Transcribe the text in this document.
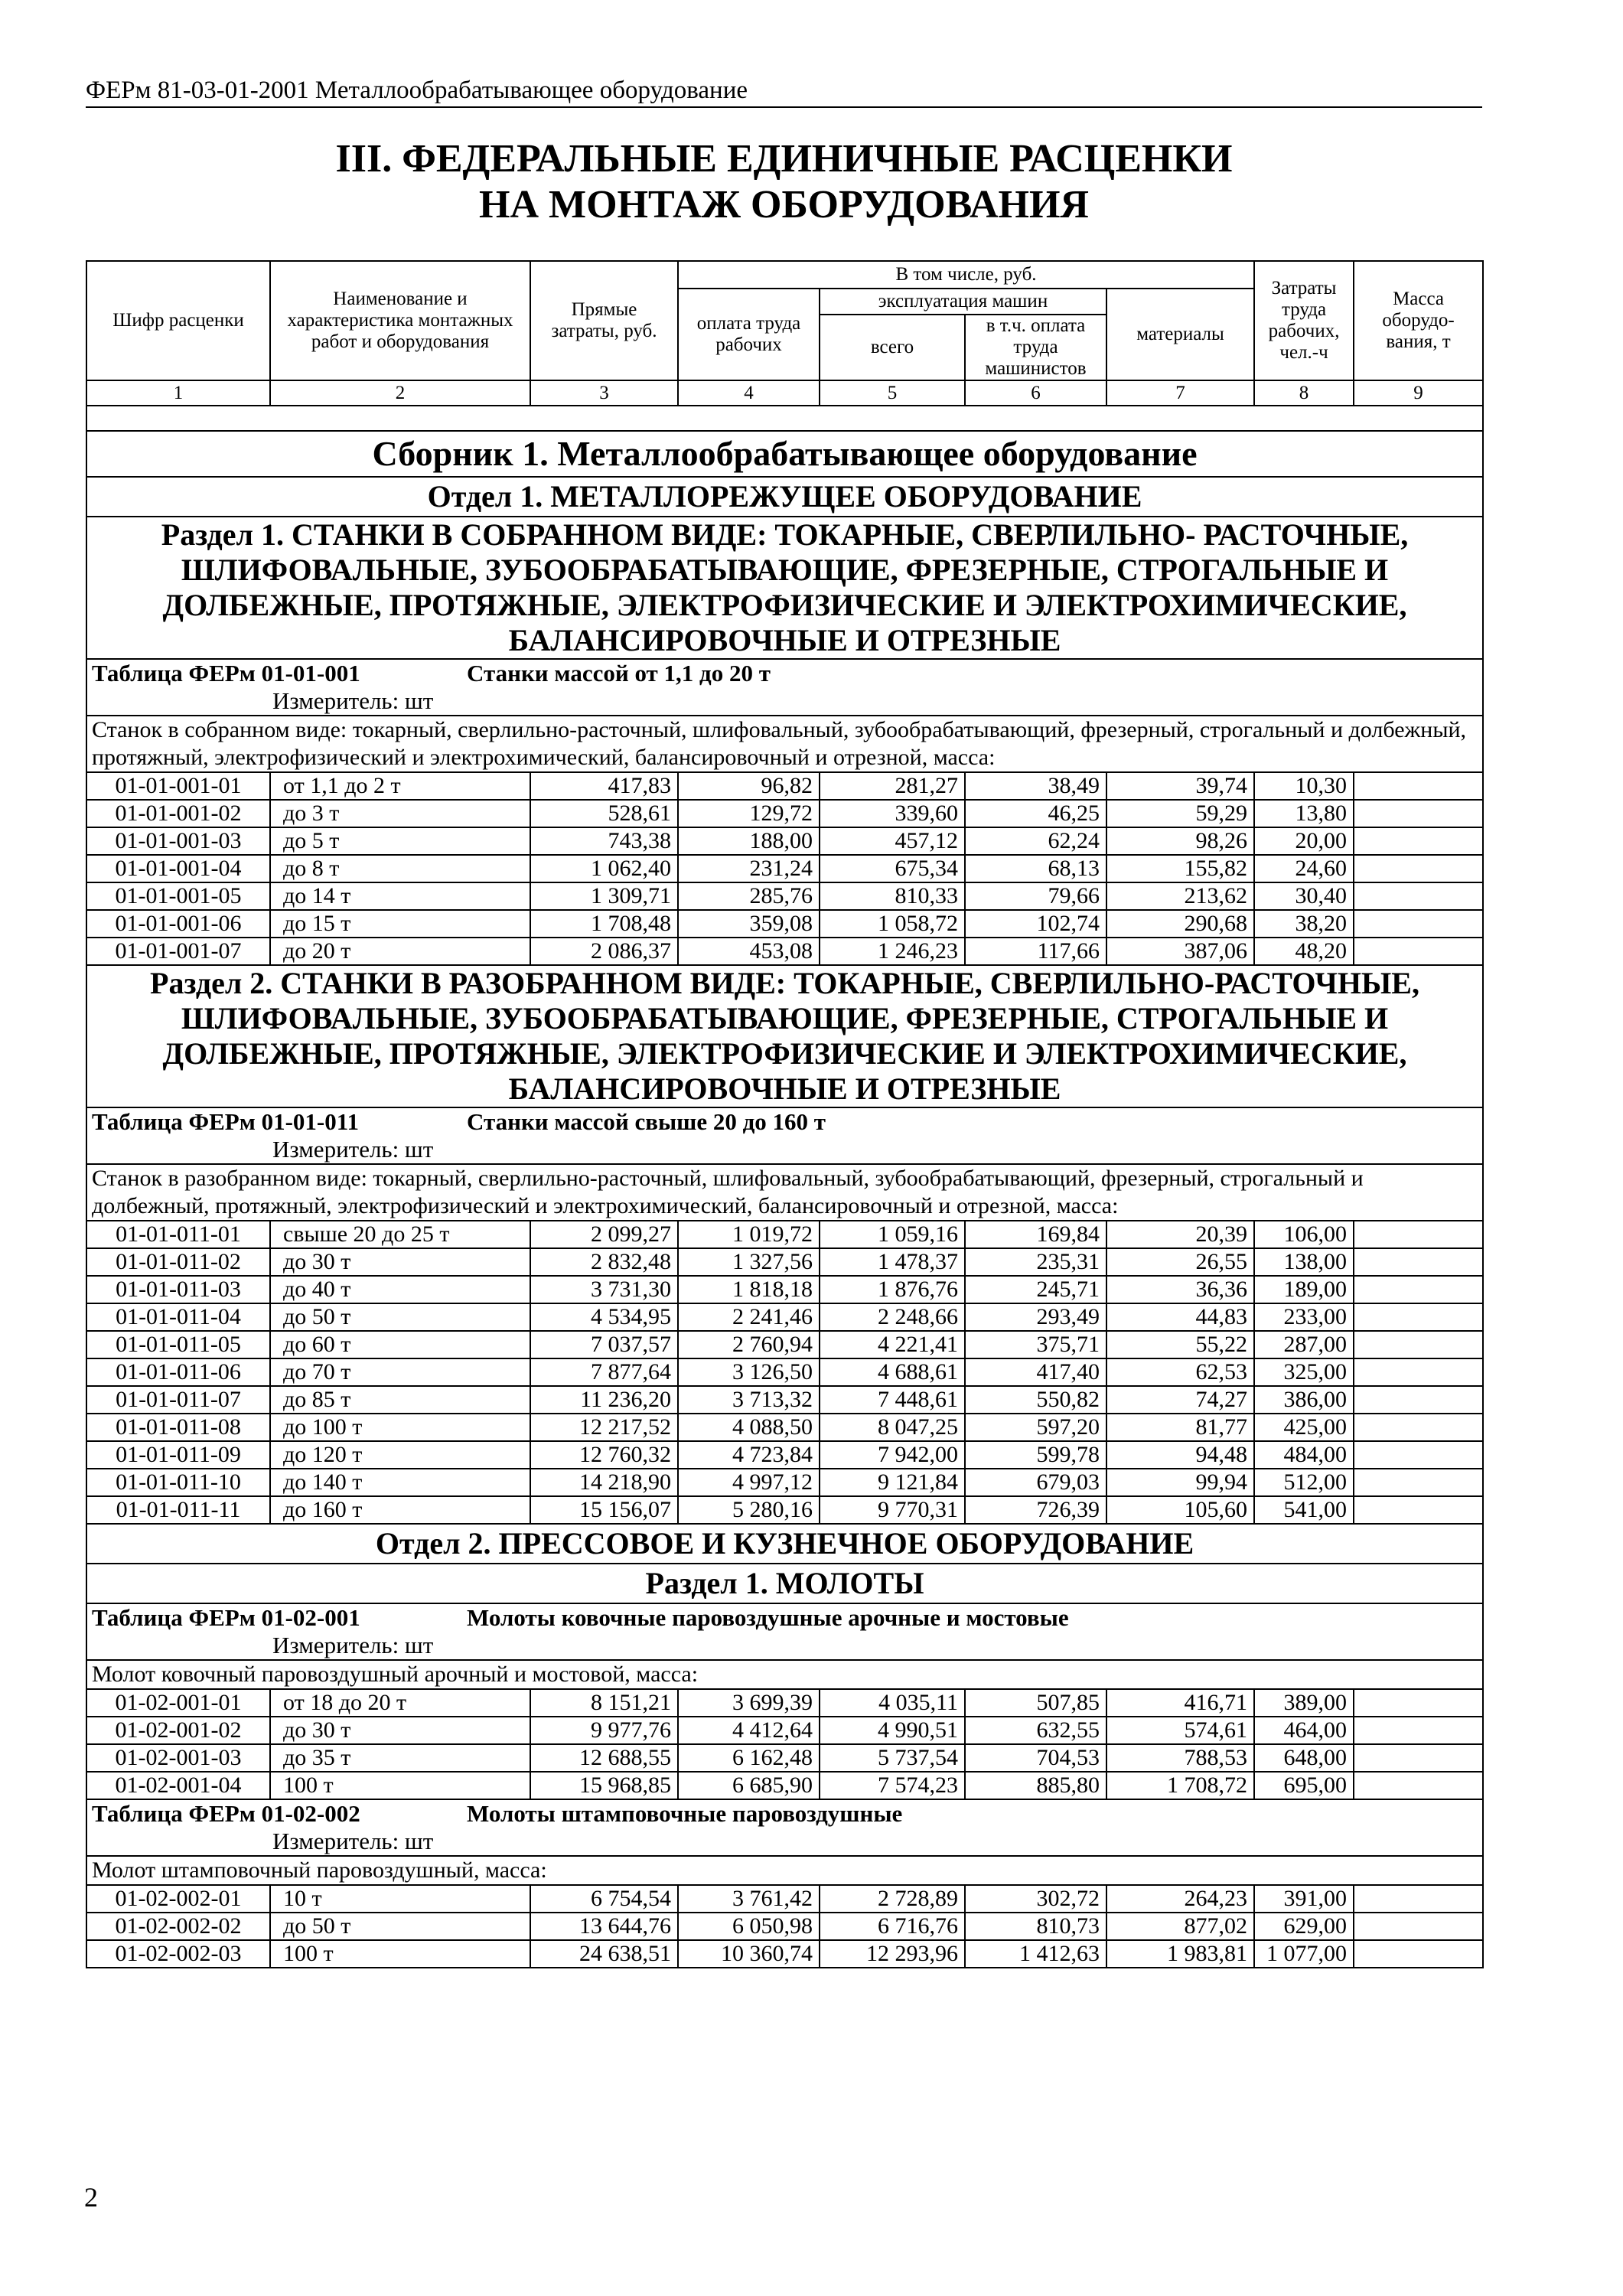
ФЕРм 81-03-01-2001 Металлообрабатывающее оборудование
III. ФЕДЕРАЛЬНЫЕ ЕДИНИЧНЫЕ РАСЦЕНКИ
НА МОНТАЖ ОБОРУДОВАНИЯ
Шифр расценки	Наименование и характеристика монтажных работ и оборудования	Прямые затраты, руб.	В том числе, руб.				Затраты труда рабочих, чел.-ч	Масса оборудо-вания, т
			оплата труда рабочих	эксплуатация машин		материалы		
				всего	в т.ч. оплата труда машинистов			
1	2	3	4	5	6	7	8	9

Сборник 1. Металлообрабатывающее оборудование								
Отдел 1. МЕТАЛЛОРЕЖУЩЕЕ ОБОРУДОВАНИЕ								
Раздел 1. СТАНКИ В СОБРАННОМ ВИДЕ: ТОКАРНЫЕ, СВЕРЛИЛЬНО- РАСТОЧНЫЕ, ШЛИФОВАЛЬНЫЕ, ЗУБООБРАБАТЫВАЮЩИЕ, ФРЕЗЕРНЫЕ, СТРОГАЛЬНЫЕ И ДОЛБЕЖНЫЕ, ПРОТЯЖНЫЕ, ЭЛЕКТРОФИЗИЧЕСКИЕ И ЭЛЕКТРОХИМИЧЕСКИЕ, БАЛАНСИРОВОЧНЫЕ И ОТРЕЗНЫЕ								
Таблица ФЕРм 01-01-001 Станки массой от 1,1 до 20 т
Измеритель: шт								

Станок в собранном виде: токарный, сверлильно-расточный, шлифовальный, зубообрабатывающий, фрезерный, строгальный и долбежный, протяжный, электрофизический и электрохимический, балансировочный и отрезной, масса:								
01-01-001-01	от 1,1 до 2 т	417,83	96,82	281,27	38,49	39,74	10,30	
01-01-001-02	до 3 т	528,61	129,72	339,60	46,25	59,29	13,80	
01-01-001-03	до 5 т	743,38	188,00	457,12	62,24	98,26	20,00	
01-01-001-04	до 8 т	1 062,40	231,24	675,34	68,13	155,82	24,60	
01-01-001-05	до 14 т	1 309,71	285,76	810,33	79,66	213,62	30,40	
01-01-001-06	до 15 т	1 708,48	359,08	1 058,72	102,74	290,68	38,20	
01-01-001-07	до 20 т	2 086,37	453,08	1 246,23	117,66	387,06	48,20	
Раздел 2. СТАНКИ В РАЗОБРАННОМ ВИДЕ: ТОКАРНЫЕ, СВЕРЛИЛЬНО-РАСТОЧНЫЕ, ШЛИФОВАЛЬНЫЕ, ЗУБООБРАБАТЫВАЮЩИЕ, ФРЕЗЕРНЫЕ, СТРОГАЛЬНЫЕ И ДОЛБЕЖНЫЕ, ПРОТЯЖНЫЕ, ЭЛЕКТРОФИЗИЧЕСКИЕ И ЭЛЕКТРОХИМИЧЕСКИЕ, БАЛАНСИРОВОЧНЫЕ И ОТРЕЗНЫЕ								
Таблица ФЕРм 01-01-011 Станки массой свыше 20 до 160 т
Измеритель: шт								

Станок в разобранном виде: токарный, сверлильно-расточный, шлифовальный, зубообрабатывающий, фрезерный, строгальный и долбежный, протяжный, электрофизический и электрохимический, балансировочный и отрезной, масса:								
01-01-011-01	свыше 20 до 25 т	2 099,27	1 019,72	1 059,16	169,84	20,39	106,00	
01-01-011-02	до 30 т	2 832,48	1 327,56	1 478,37	235,31	26,55	138,00	
01-01-011-03	до 40 т	3 731,30	1 818,18	1 876,76	245,71	36,36	189,00	
01-01-011-04	до 50 т	4 534,95	2 241,46	2 248,66	293,49	44,83	233,00	
01-01-011-05	до 60 т	7 037,57	2 760,94	4 221,41	375,71	55,22	287,00	
01-01-011-06	до 70 т	7 877,64	3 126,50	4 688,61	417,40	62,53	325,00	
01-01-011-07	до 85 т	11 236,20	3 713,32	7 448,61	550,82	74,27	386,00	
01-01-011-08	до 100 т	12 217,52	4 088,50	8 047,25	597,20	81,77	425,00	
01-01-011-09	до 120 т	12 760,32	4 723,84	7 942,00	599,78	94,48	484,00	
01-01-011-10	до 140 т	14 218,90	4 997,12	9 121,84	679,03	99,94	512,00	
01-01-011-11	до 160 т	15 156,07	5 280,16	9 770,31	726,39	105,60	541,00	
Отдел 2. ПРЕССОВОЕ И КУЗНЕЧНОЕ ОБОРУДОВАНИЕ								
Раздел 1. МОЛОТЫ								
Таблица ФЕРм 01-02-001 Молоты ковочные паровоздушные арочные и мостовые
Измеритель: шт								

Молот ковочный паровоздушный арочный и мостовой, масса:								
01-02-001-01	от 18 до 20 т	8 151,21	3 699,39	4 035,11	507,85	416,71	389,00	
01-02-001-02	до 30 т	9 977,76	4 412,64	4 990,51	632,55	574,61	464,00	
01-02-001-03	до 35 т	12 688,55	6 162,48	5 737,54	704,53	788,53	648,00	
01-02-001-04	100 т	15 968,85	6 685,90	7 574,23	885,80	1 708,72	695,00	
Таблица ФЕРм 01-02-002 Молоты штамповочные паровоздушные
Измеритель: шт								

Молот штамповочный паровоздушный, масса:								
01-02-002-01	10 т	6 754,54	3 761,42	2 728,89	302,72	264,23	391,00	
01-02-002-02	до 50 т	13 644,76	6 050,98	6 716,76	810,73	877,02	629,00	
01-02-002-03	100 т	24 638,51	10 360,74	12 293,96	1 412,63	1 983,81	1 077,00	
2
